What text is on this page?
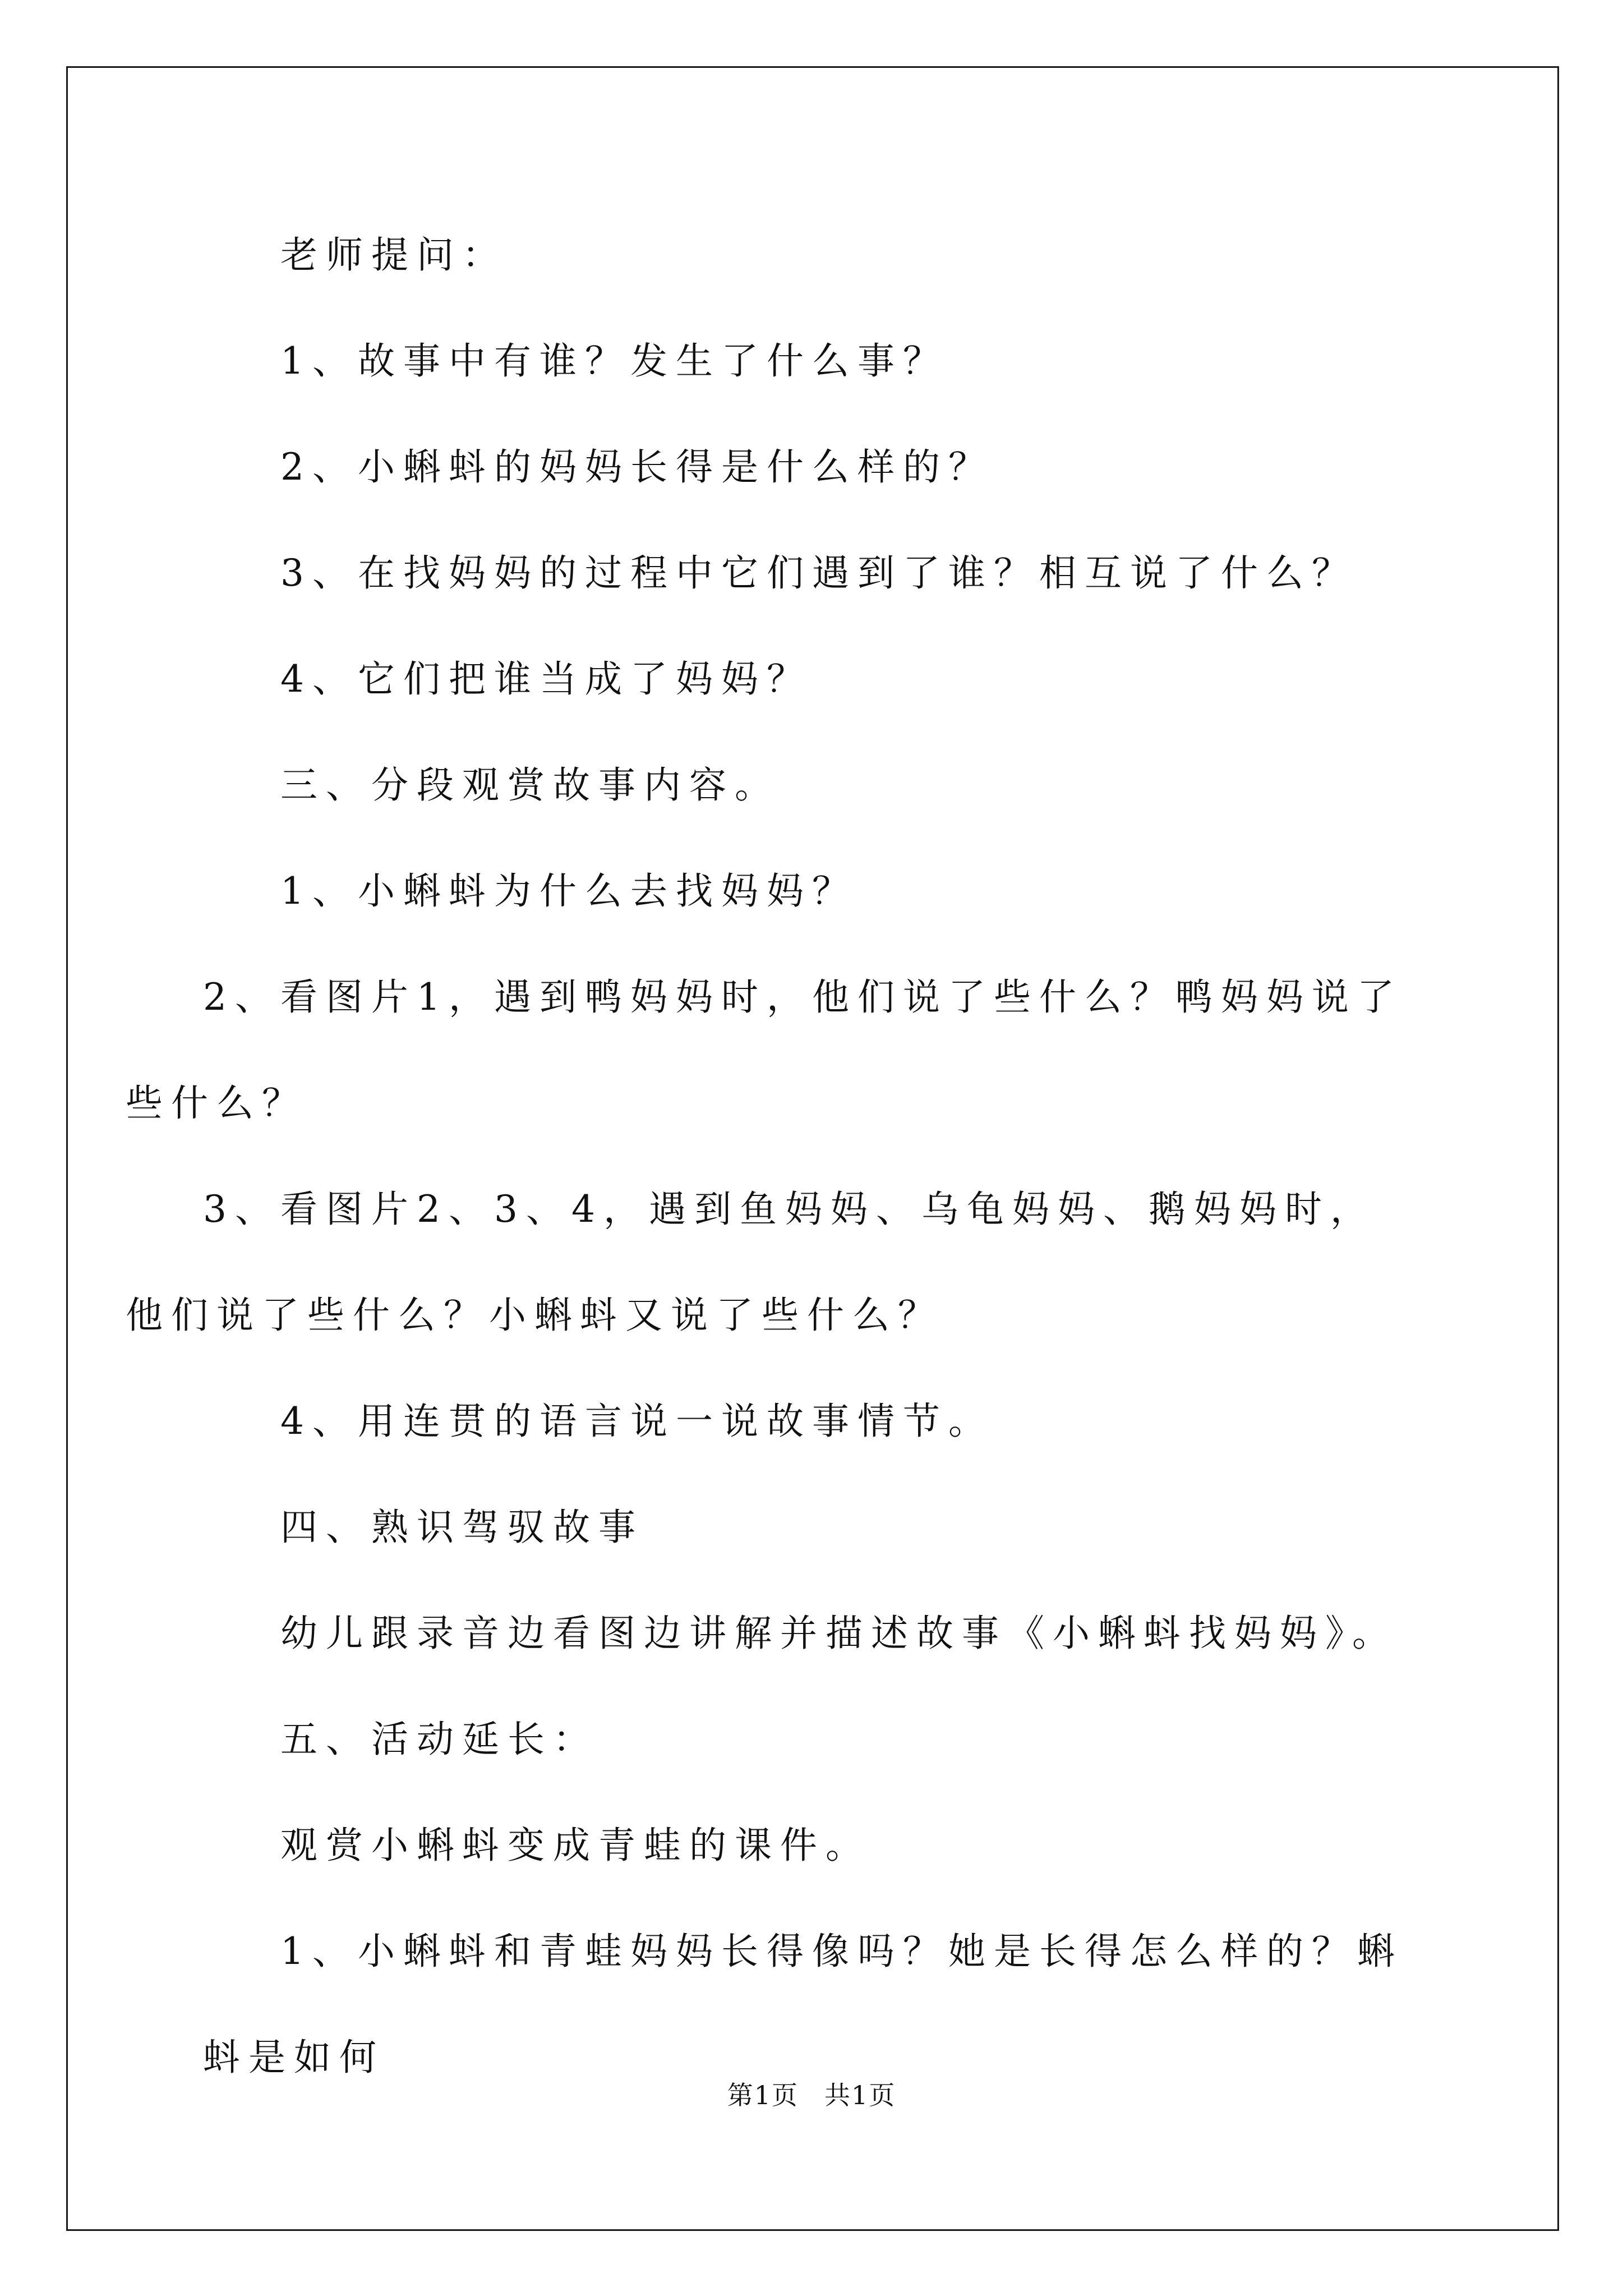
老师提问：

1、故事中有谁？发生了什么事？

2、小蝌蚪的妈妈长得是什么样的？

3、在找妈妈的过程中它们遇到了谁？相互说了什么？

4、它们把谁当成了妈妈？

三、分段观赏故事内容。

1、小蝌蚪为什么去找妈妈？

2、看图片1，遇到鸭妈妈时，他们说了些什么？鸭妈妈说了些什么？

3、看图片2、3、4，遇到鱼妈妈、乌龟妈妈、鹅妈妈时，他们说了些什么？小蝌蚪又说了些什么？

4、用连贯的语言说一说故事情节。

四、熟识驾驭故事

幼儿跟录音边看图边讲解并描述故事《小蝌蚪找妈妈》。

五、活动延长：

观赏小蝌蚪变成青蛙的课件。

1、小蝌蚪和青蛙妈妈长得像吗？她是长得怎么样的？蝌蚪是如何

第1页 共1页
